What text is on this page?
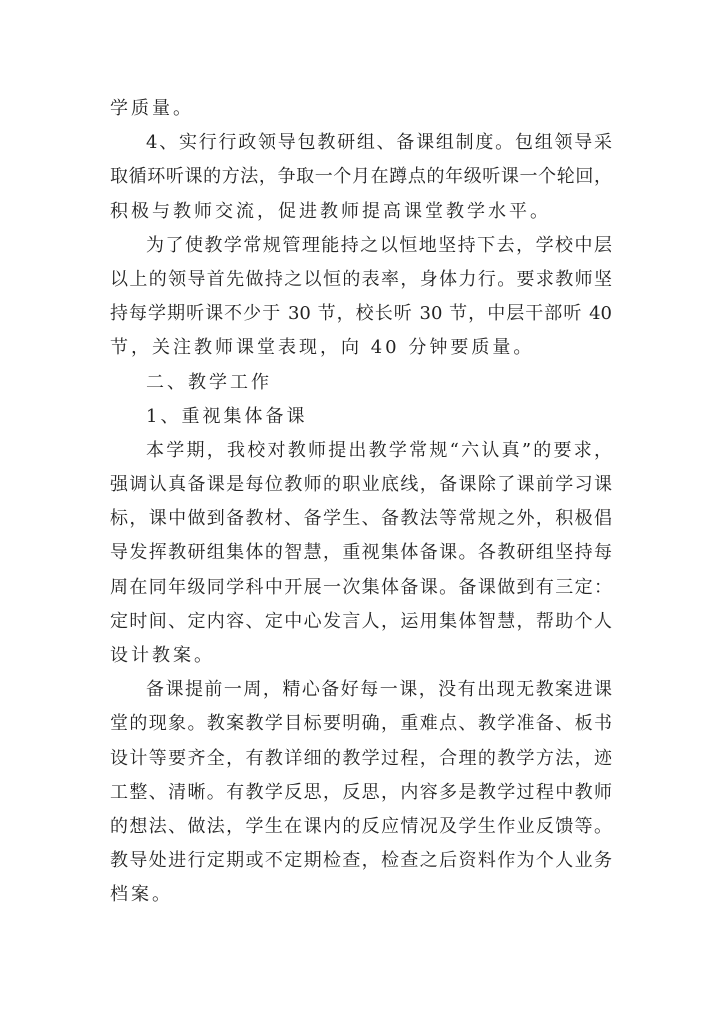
学质量。
4、实行行政领导包教研组、备课组制度。包组领导采
取循环听课的方法，争取一个月在蹲点的年级听课一个轮回，
积极与教师交流，促进教师提高课堂教学水平。
为了使教学常规管理能持之以恒地坚持下去，学校中层
以上的领导首先做持之以恒的表率，身体力行。要求教师坚
持每学期听课不少于 30 节，校长听 30 节，中层干部听 40
节，关注教师课堂表现，向 40 分钟要质量。
二、教学工作
1、重视集体备课
本学期，我校对教师提出教学常规“六认真”的要求，
强调认真备课是每位教师的职业底线，备课除了课前学习课
标，课中做到备教材、备学生、备教法等常规之外，积极倡
导发挥教研组集体的智慧，重视集体备课。各教研组坚持每
周在同年级同学科中开展一次集体备课。备课做到有三定：
定时间、定内容、定中心发言人，运用集体智慧，帮助个人
设计教案。
备课提前一周，精心备好每一课，没有出现无教案进课
堂的现象。教案教学目标要明确，重难点、教学准备、板书
设计等要齐全，有教详细的教学过程，合理的教学方法，迹
工整、清晰。有教学反思，反思，内容多是教学过程中教师
的想法、做法，学生在课内的反应情况及学生作业反馈等。
教导处进行定期或不定期检查，检查之后资料作为个人业务
档案。
